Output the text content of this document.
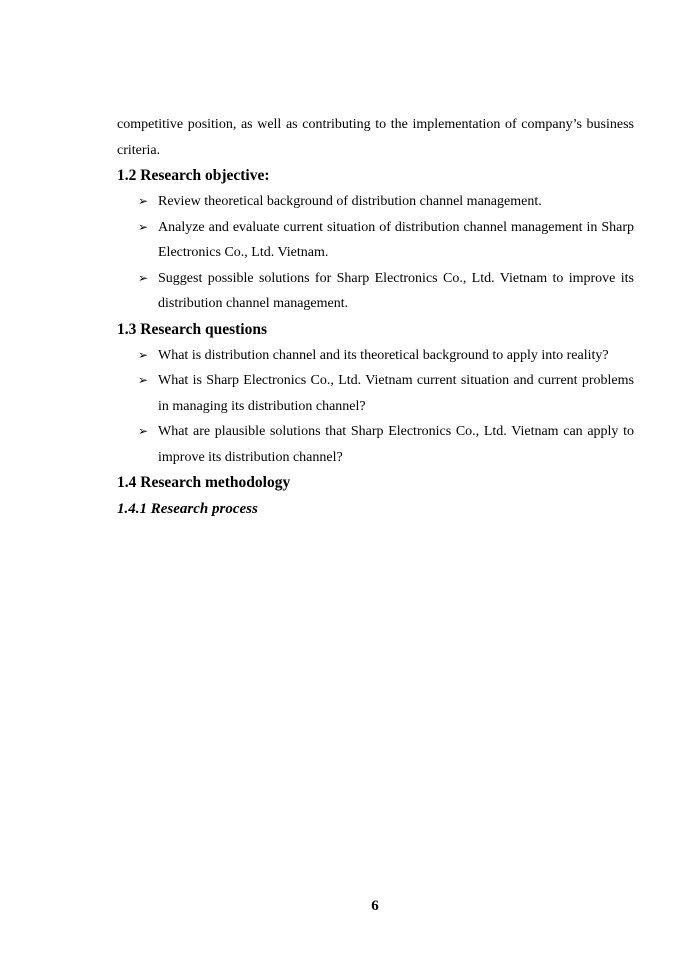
competitive position, as well as contributing to the implementation of company’s business criteria.

1.2 Research objective:
➢ Review theoretical background of distribution channel management.
➢ Analyze and evaluate current situation of distribution channel management in Sharp Electronics Co., Ltd. Vietnam.
➢ Suggest possible solutions for Sharp Electronics Co., Ltd. Vietnam to improve its distribution channel management.
1.3 Research questions
➢ What is distribution channel and its theoretical background to apply into reality?
➢ What is Sharp Electronics Co., Ltd. Vietnam current situation and current problems in managing its distribution channel?
➢ What are plausible solutions that Sharp Electronics Co., Ltd. Vietnam can apply to improve its distribution channel?
1.4 Research methodology
1.4.1 Research process
6
